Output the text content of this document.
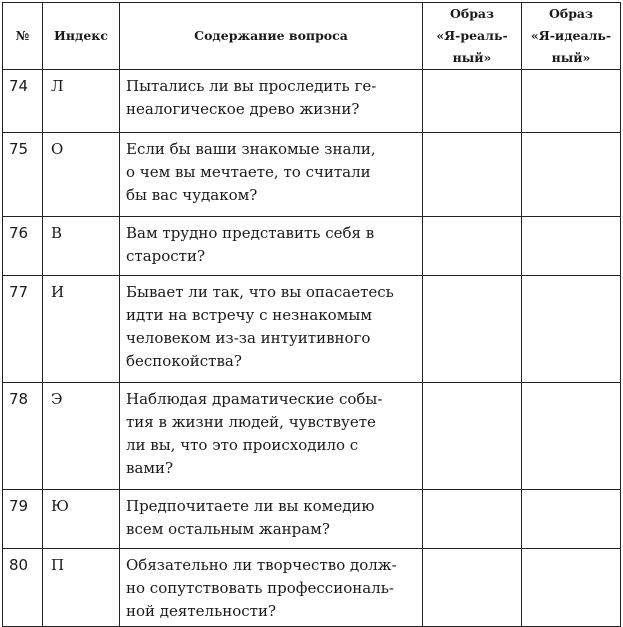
№	Индекс	Содержание вопроса	Образ
«Я-реаль-
ный»	Образ
«Я-идеаль-
ный»

74	Л	Пытались ли вы проследить ге-
неалогическое древо жизни?		

75	О	Если бы ваши знакомые знали,
о чем вы мечтаете, то считали
бы вас чудаком?		

76	В	Вам трудно представить себя в
старости?		

77	И	Бывает ли так, что вы опасаетесь
идти на встречу с незнакомым
человеком из-за интуитивного
беспокойства?		

78	Э	Наблюдая драматические собы-
тия в жизни людей, чувствуете
ли вы, что это происходило с
вами?		

79	Ю	Предпочитаете ли вы комедию
всем остальным жанрам?		

80	П	Обязательно ли творчество долж-
но сопутствовать профессиональ-
ной деятельности?		
